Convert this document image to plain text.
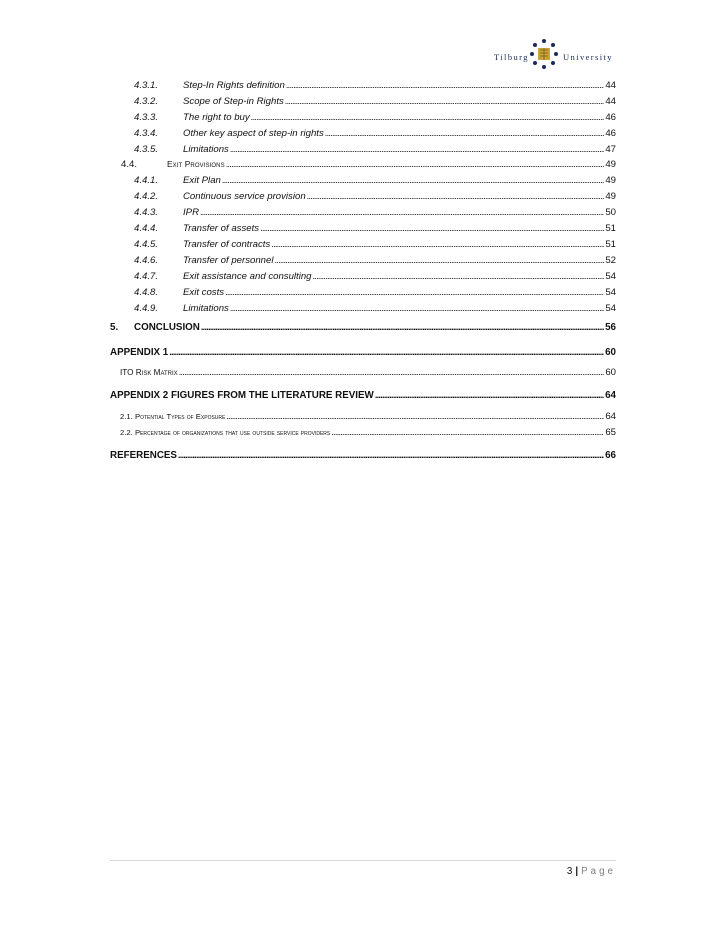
Tilburg	University
4.3.1.	Step-In Rights definition . . .	44
4.3.2.	Scope of Step-in Rights . . .	44
4.3.3.	The right to buy . . .	46
4.3.4.	Other key aspect of step-in rights . . .	46
4.3.5.	Limitations . . .	47
4.4.	Exit Provisions . . .	49
4.4.1.	Exit Plan . . .	49
4.4.2.	Continuous service provision . . .	49
4.4.3.	IPR . . .	50
4.4.4.	Transfer of assets . . .	51
4.4.5.	Transfer of contracts . . .	51
4.4.6.	Transfer of personnel . . .	52
4.4.7.	Exit assistance and consulting . . .	54
4.4.8.	Exit costs . . .	54
4.4.9.	Limitations . . .	54
5.	CONCLUSION . . .	56
APPENDIX 1 . . .	60
ITO Risk Matrix . . .	60
APPENDIX 2 FIGURES FROM THE LITERATURE REVIEW . . .	64
2.1. Potential Types of Exposure . . .	64
2.2. Percentage of organizations that use outside service providers . . .	65
REFERENCES . . .	66
3 | Page
